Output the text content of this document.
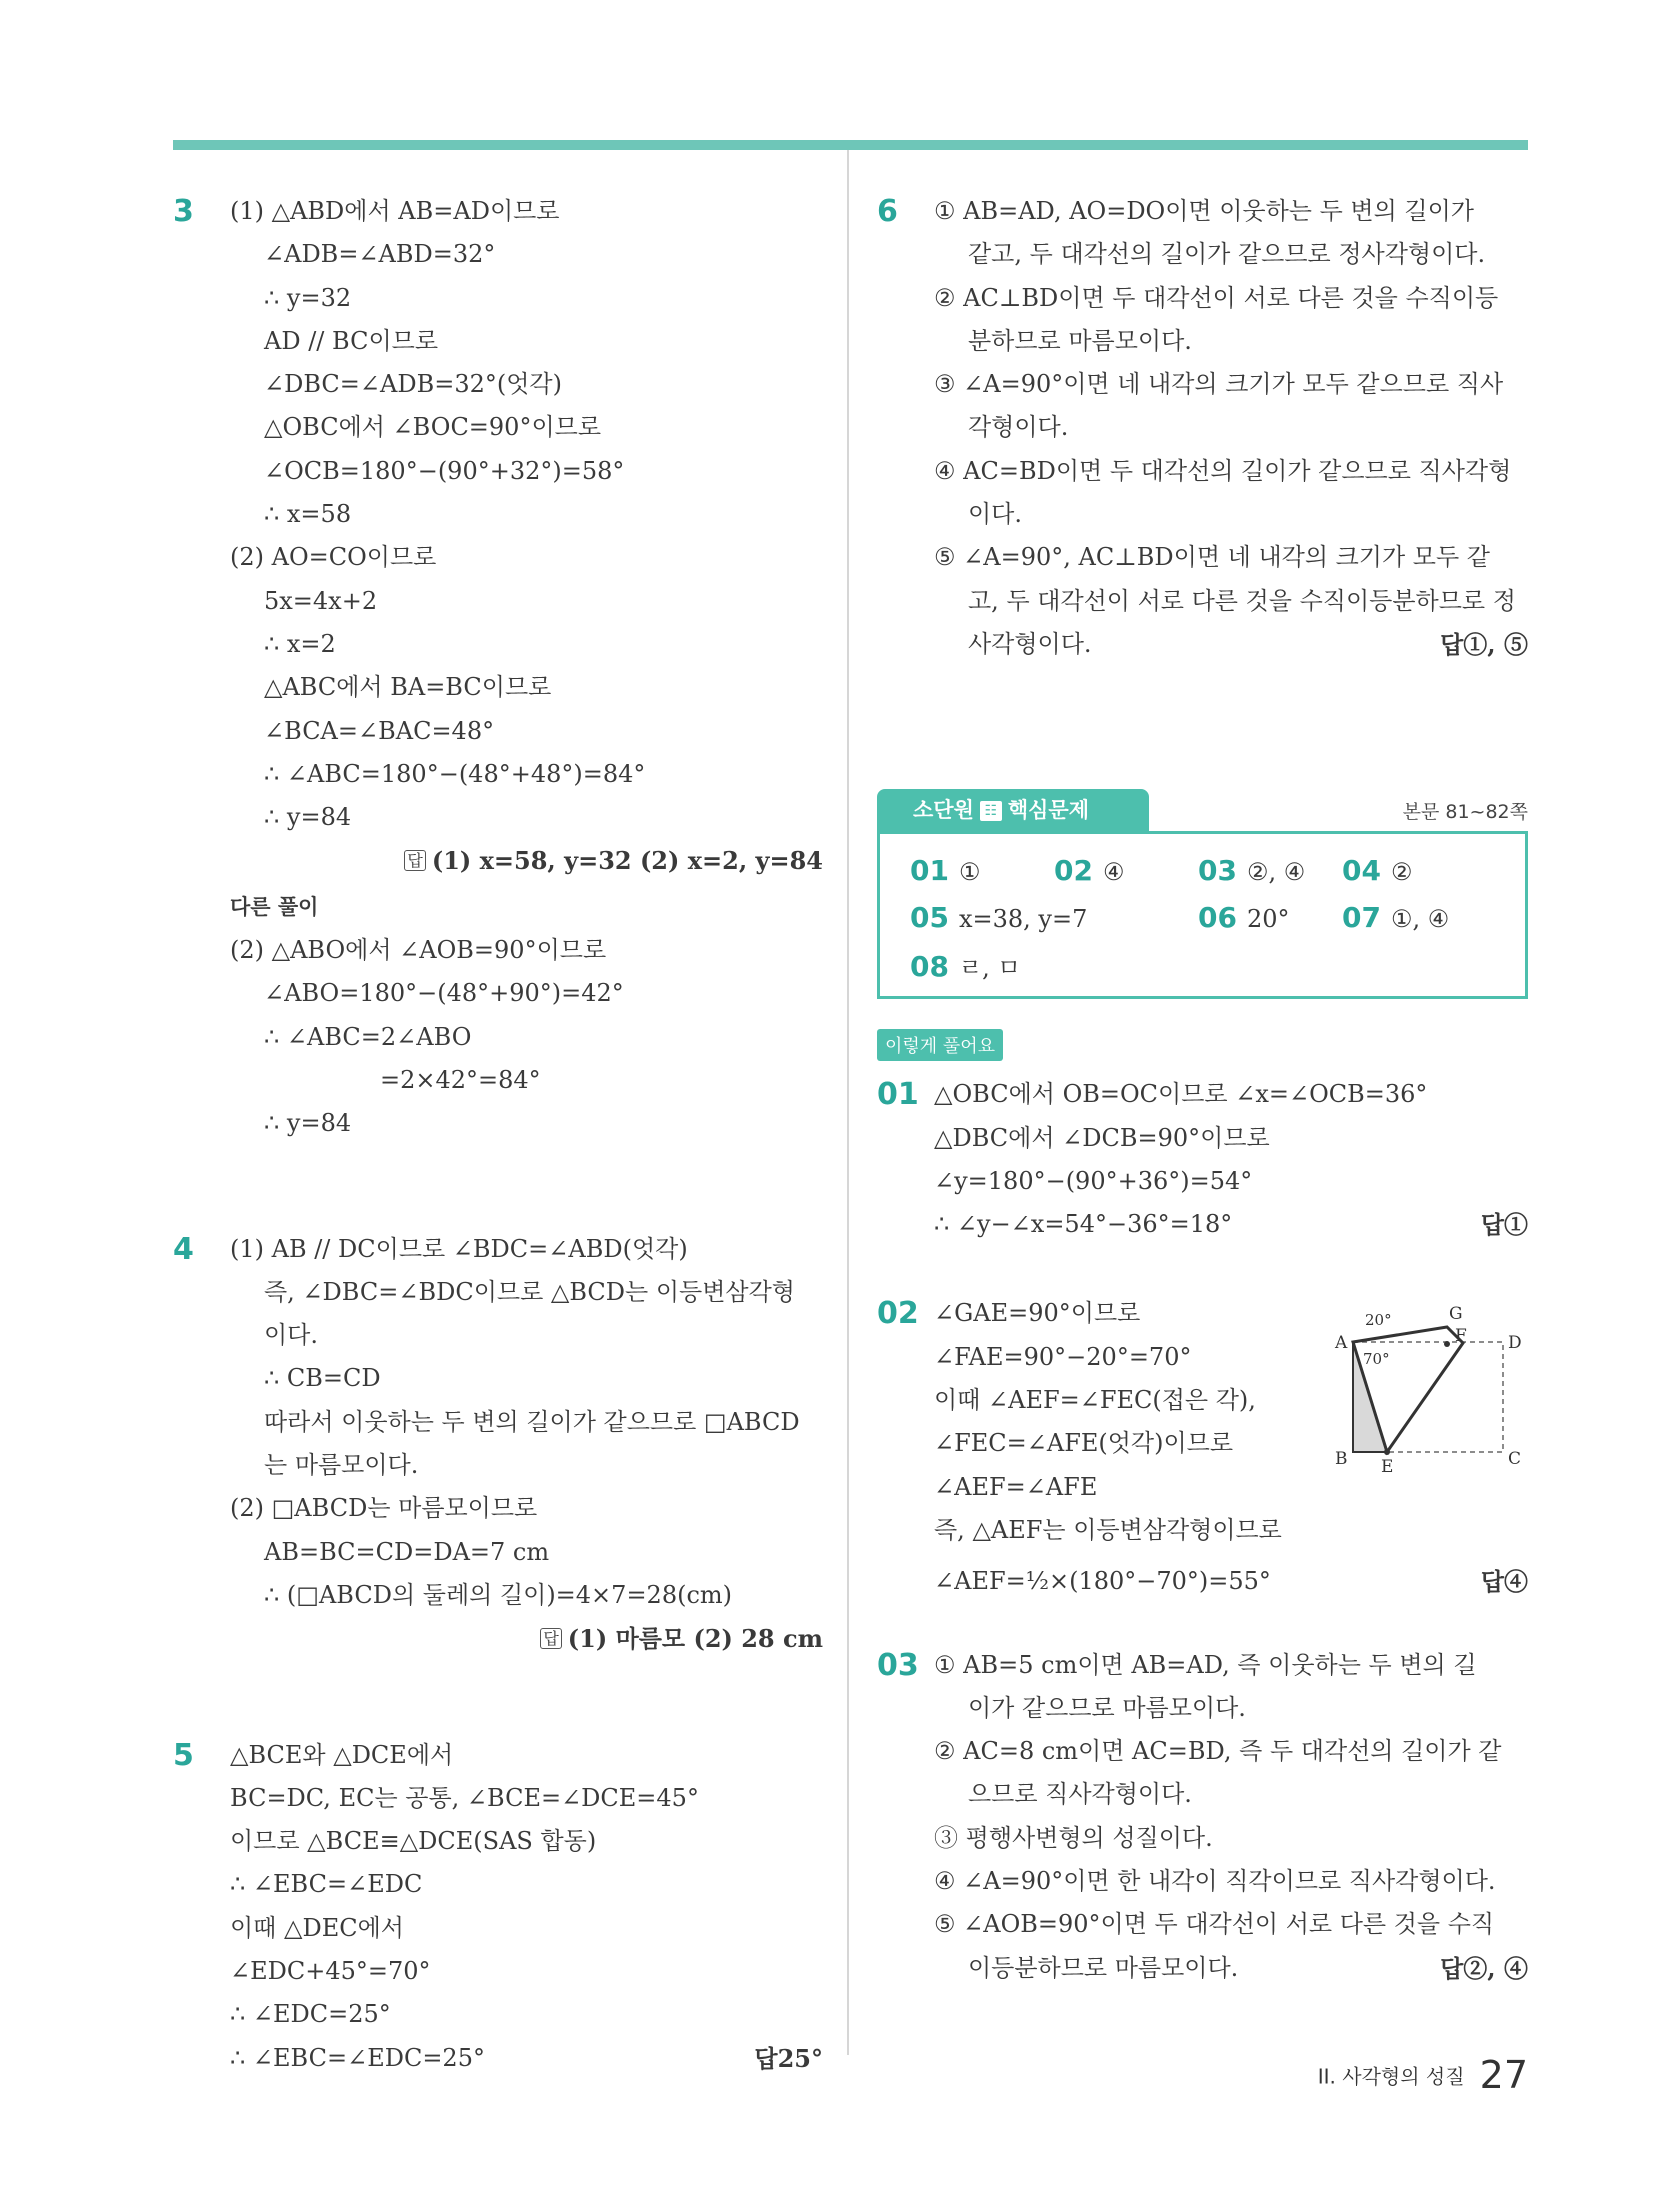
3 (1) △ABD에서 AB=AD이므로
∠ADB=∠ABD=32°
∴ y=32
AD // BC이므로
∠DBC=∠ADB=32°(엇각)
△OBC에서 ∠BOC=90°이므로
∠OCB=180°−(90°+32°)=58°
∴ x=58
(2) AO=CO이므로
5x=4x+2
∴ x=2
△ABC에서 BA=BC이므로
∠BCA=∠BAC=48°
∴ ∠ABC=180°−(48°+48°)=84°
∴ y=84
답 (1) x=58, y=32 (2) x=2, y=84
다른 풀이
(2) △ABO에서 ∠AOB=90°이므로
∠ABO=180°−(48°+90°)=42°
∴ ∠ABC=2∠ABO
=2×42°=84°
∴ y=84
4 (1) AB // DC이므로 ∠BDC=∠ABD(엇각)
즉, ∠DBC=∠BDC이므로 △BCD는 이등변삼각형
이다.
∴ CB=CD
따라서 이웃하는 두 변의 길이가 같으므로 □ABCD
는 마름모이다.
(2) □ABCD는 마름모이므로
AB=BC=CD=DA=7 cm
∴ (□ABCD의 둘레의 길이)=4×7=28(cm)
답 (1) 마름모 (2) 28 cm
5 △BCE와 △DCE에서
BC=DC, EC는 공통, ∠BCE=∠DCE=45°
이므로 △BCE≡△DCE(SAS 합동)
∴ ∠EBC=∠EDC
이때 △DEC에서
∠EDC+45°=70°
∴ ∠EDC=25°
∴ ∠EBC=∠EDC=25°	답25°
6 ① AB=AD, AO=DO이면 이웃하는 두 변의 길이가
같고, 두 대각선의 길이가 같으므로 정사각형이다.
② AC⊥BD이면 두 대각선이 서로 다른 것을 수직이등
분하므로 마름모이다.
③ ∠A=90°이면 네 내각의 크기가 모두 같으므로 직사
각형이다.
④ AC=BD이면 두 대각선의 길이가 같으므로 직사각형
이다.
⑤ ∠A=90°, AC⊥BD이면 네 내각의 크기가 모두 같
고, 두 대각선이 서로 다른 것을 수직이등분하므로 정
사각형이다.	답①, ⑤
소단원 ☷ 핵심문제	본문 81~82쪽
01 ①	02 ④	03 ②, ④ 04 ②
05 x=38, y=7	06 20° 07 ①, ④
08 ㄹ, ㅁ
이렇게 풀어요
01 △OBC에서 OB=OC이므로 ∠x=∠OCB=36°
△DBC에서 ∠DCB=90°이므로
∠y=180°−(90°+36°)=54°
∴ ∠y−∠x=54°−36°=18°	답①
02 ∠GAE=90°이므로
∠FAE=90°−20°=70°
이때 ∠AEF=∠FEC(접은 각),
∠FEC=∠AFE(엇각)이므로
∠AEF=∠AFE
즉, △AEF는 이등변삼각형이므로
∠AEF=½×(180°−70°)=55°	답④
A
B	C
D
E
F
G
20°
70°
03 ① AB=5 cm이면 AB=AD, 즉 이웃하는 두 변의 길
이가 같으므로 마름모이다.
② AC=8 cm이면 AC=BD, 즉 두 대각선의 길이가 같
으므로 직사각형이다.
③ 평행사변형의 성질이다.
④ ∠A=90°이면 한 내각이 직각이므로 직사각형이다.
⑤ ∠AOB=90°이면 두 대각선이 서로 다른 것을 수직
이등분하므로 마름모이다.	답②, ④
II. 사각형의 성질 27
